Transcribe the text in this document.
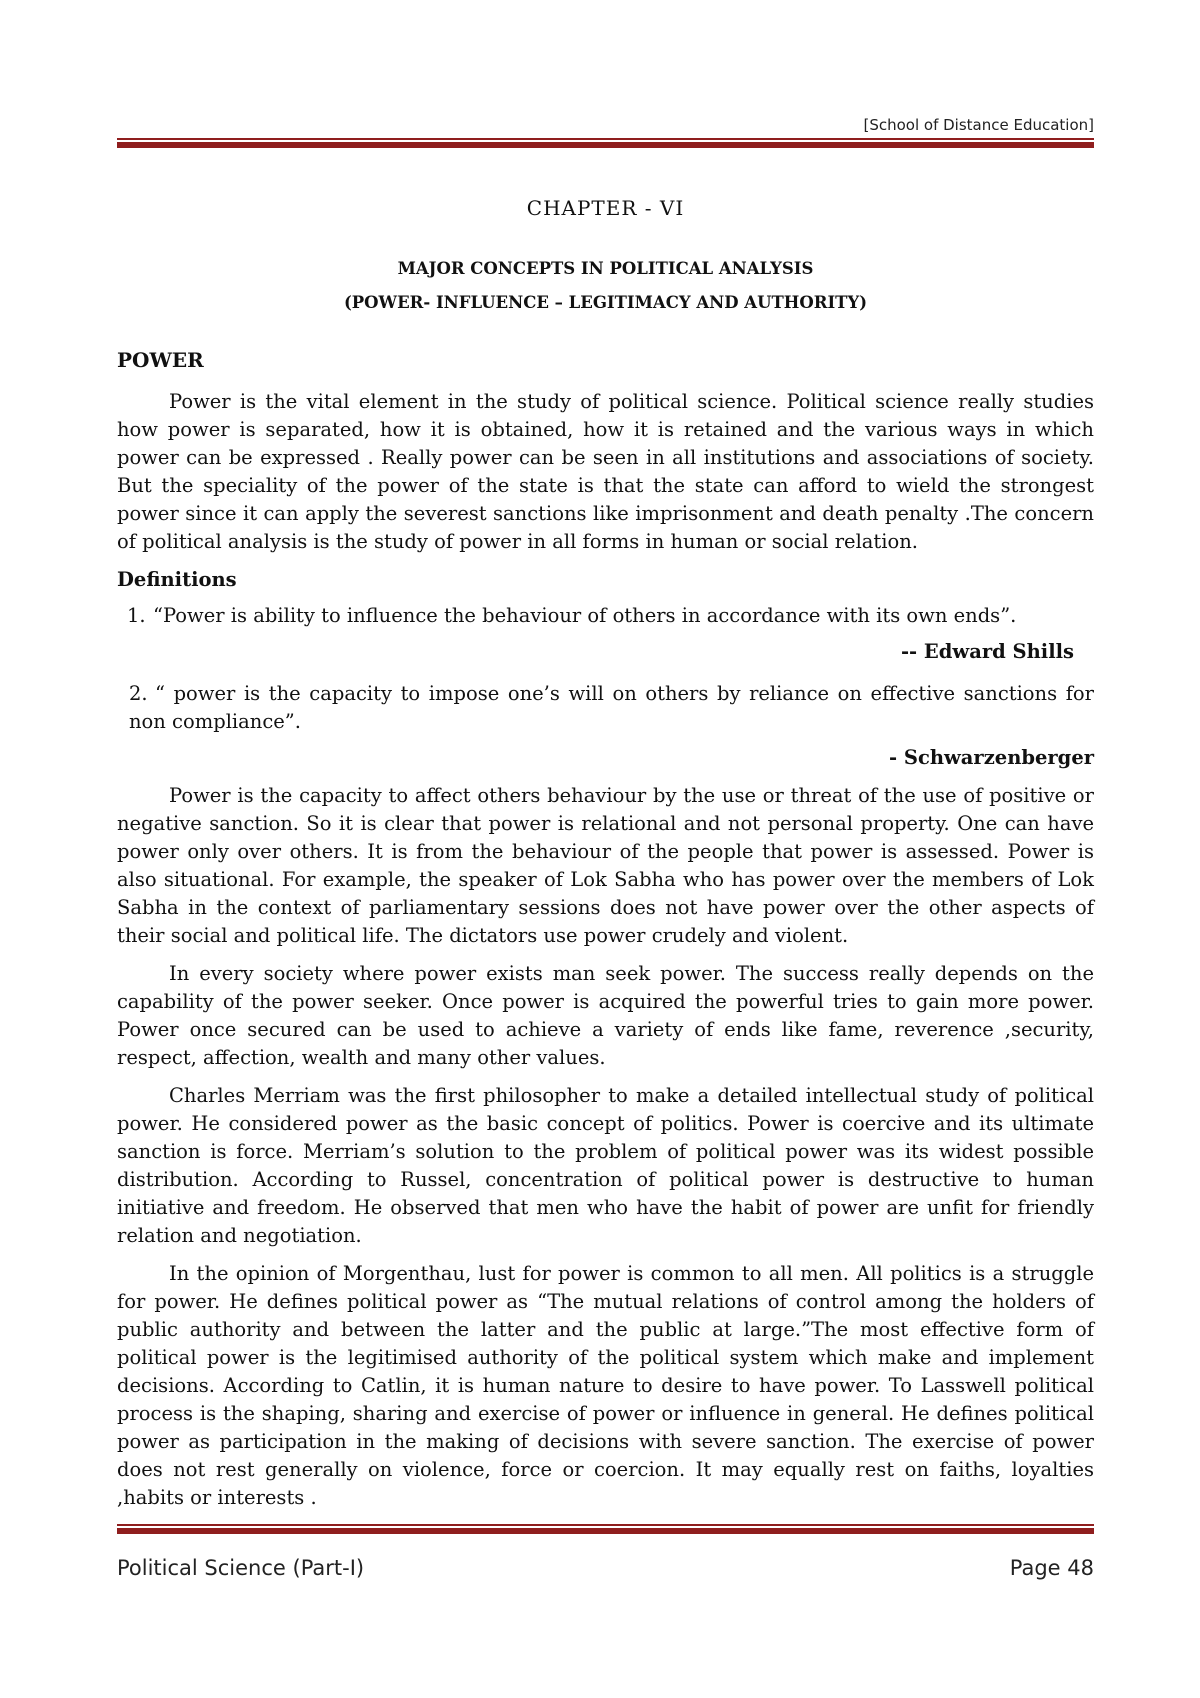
[School of Distance Education]
CHAPTER - VI
MAJOR CONCEPTS IN POLITICAL ANALYSIS
(POWER- INFLUENCE – LEGITIMACY AND AUTHORITY)
POWER

Power is the vital element in the study of political science. Political science really studies how power is separated, how it is obtained, how it is retained and the various ways in which power can be expressed . Really power can be seen in all institutions and associations of society. But the speciality of the power of the state is that the state can afford to wield the strongest power since it can apply the severest sanctions like imprisonment and death penalty .The concern of political analysis is the study of power in all forms in human or social relation.

Definitions

1. “Power is ability to influence the behaviour of others in accordance with its own ends”.

-- Edward Shills

2. “ power is the capacity to impose one’s will on others by reliance on effective sanctions for non compliance”.

- Schwarzenberger

Power is the capacity to affect others behaviour by the use or threat of the use of positive or negative sanction. So it is clear that power is relational and not personal property. One can have power only over others. It is from the behaviour of the people that power is assessed. Power is also situational. For example, the speaker of Lok Sabha who has power over the members of Lok Sabha in the context of parliamentary sessions does not have power over the other aspects of their social and political life. The dictators use power crudely and violent.

In every society where power exists man seek power. The success really depends on the capability of the power seeker. Once power is acquired the powerful tries to gain more power. Power once secured can be used to achieve a variety of ends like fame, reverence ,security, respect, affection, wealth and many other values.

Charles Merriam was the first philosopher to make a detailed intellectual study of political power. He considered power as the basic concept of politics. Power is coercive and its ultimate sanction is force. Merriam’s solution to the problem of political power was its widest possible distribution. According to Russel, concentration of political power is destructive to human initiative and freedom. He observed that men who have the habit of power are unfit for friendly relation and negotiation.

In the opinion of Morgenthau, lust for power is common to all men. All politics is a struggle for power. He defines political power as “The mutual relations of control among the holders of public authority and between the latter and the public at large.”The most effective form of political power is the legitimised authority of the political system which make and implement decisions. According to Catlin, it is human nature to desire to have power. To Lasswell political process is the shaping, sharing and exercise of power or influence in general. He defines political power as participation in the making of decisions with severe sanction. The exercise of power does not rest generally on violence, force or coercion. It may equally rest on faiths, loyalties ,habits or interests .

Political Science (Part-I)	Page 48
